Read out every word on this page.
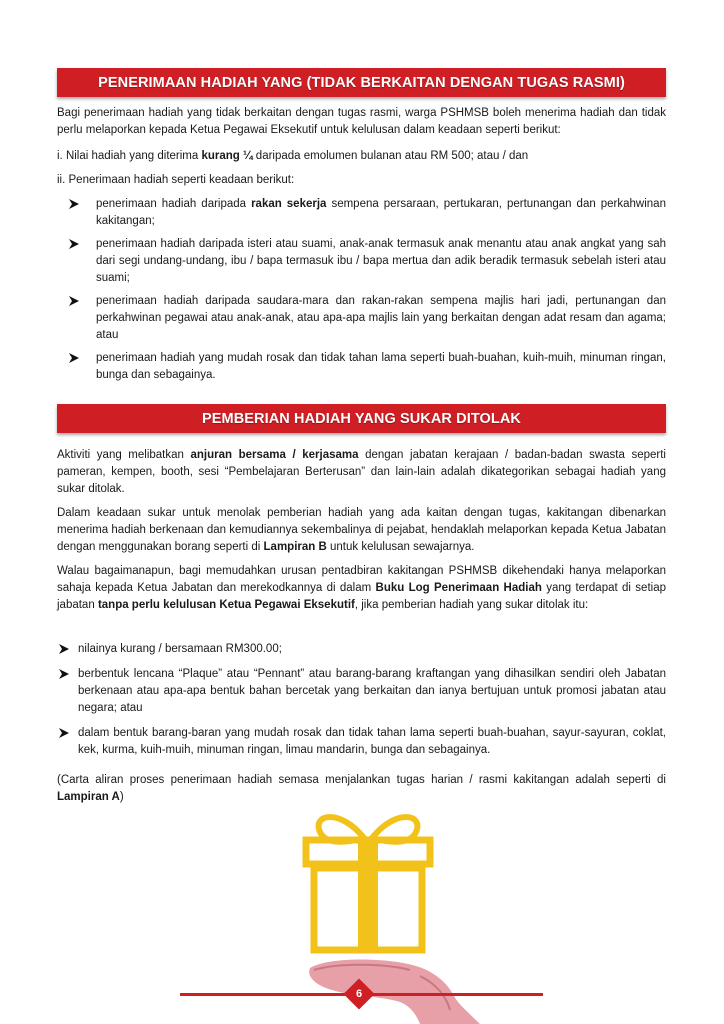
PENERIMAAN HADIAH YANG (TIDAK BERKAITAN DENGAN TUGAS RASMI)
Bagi penerimaan hadiah yang tidak berkaitan dengan tugas rasmi, warga PSHMSB boleh menerima hadiah dan tidak perlu melaporkan kepada Ketua Pegawai Eksekutif untuk kelulusan dalam keadaan seperti berikut:
i. Nilai hadiah yang diterima kurang ¼ daripada emolumen bulanan atau RM 500; atau / dan
ii. Penerimaan hadiah seperti keadaan berikut:
penerimaan hadiah daripada rakan sekerja sempena persaraan, pertukaran, pertunangan dan perkahwinan kakitangan;
penerimaan hadiah daripada isteri atau suami, anak-anak termasuk anak menantu atau anak angkat yang sah dari segi undang-undang, ibu / bapa termasuk ibu / bapa mertua dan adik beradik termasuk sebelah isteri atau suami;
penerimaan hadiah daripada saudara-mara dan rakan-rakan sempena majlis hari jadi, pertunangan dan perkahwinan pegawai atau anak-anak, atau apa-apa majlis lain yang berkaitan dengan adat resam dan agama; atau
penerimaan hadiah yang mudah rosak dan tidak tahan lama seperti buah-buahan, kuih-muih, minuman ringan, bunga dan sebagainya.
PEMBERIAN HADIAH YANG SUKAR DITOLAK
Aktiviti yang melibatkan anjuran bersama / kerjasama dengan jabatan kerajaan / badan-badan swasta seperti pameran, kempen, booth, sesi “Pembelajaran Berterusan” dan lain-lain adalah dikategorikan sebagai hadiah yang sukar ditolak.
Dalam keadaan sukar untuk menolak pemberian hadiah yang ada kaitan dengan tugas, kakitangan dibenarkan menerima hadiah berkenaan dan kemudiannya sekembalinya di pejabat, hendaklah melaporkan kepada Ketua Jabatan dengan menggunakan borang seperti di Lampiran B untuk kelulusan sewajarnya.
Walau bagaimanapun, bagi memudahkan urusan pentadbiran kakitangan PSHMSB dikehendaki hanya melaporkan sahaja kepada Ketua Jabatan dan merekodkannya di dalam Buku Log Penerimaan Hadiah yang terdapat di setiap jabatan tanpa perlu kelulusan Ketua Pegawai Eksekutif, jika pemberian hadiah yang sukar ditolak itu:
nilainya kurang / bersamaan RM300.00;
berbentuk lencana “Plaque” atau “Pennant” atau barang-barang kraftangan yang dihasilkan sendiri oleh Jabatan berkenaan atau apa-apa bentuk bahan bercetak yang berkaitan dan ianya bertujuan untuk promosi jabatan atau negara; atau
dalam bentuk barang-baran yang mudah rosak dan tidak tahan lama seperti buah-buahan, sayur-sayuran, coklat, kek, kurma, kuih-muih, minuman ringan, limau mandarin, bunga dan sebagainya.
(Carta aliran proses penerimaan hadiah semasa menjalankan tugas harian / rasmi kakitangan adalah seperti di Lampiran A)
6
